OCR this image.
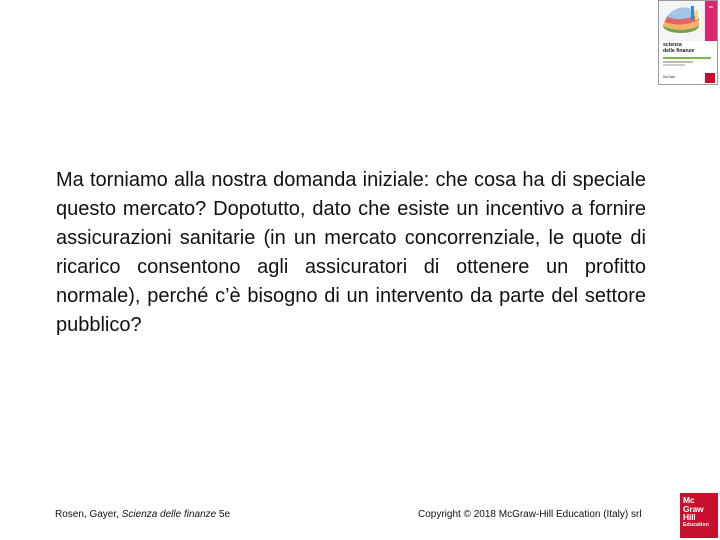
5/E
scienza
delle finanze
McGraw
Ma torniamo alla nostra domanda iniziale: che cosa ha di speciale questo mercato? Dopotutto, dato che esiste un incentivo a fornire assicurazioni sanitarie (in un mercato concorrenziale, le quote di ricarico consentono agli assicuratori di ottenere un profitto normale), perché c’è bisogno di un intervento da parte del settore pubblico?
Rosen, Gayer, Scienza delle finanze 5e	Copyright © 2018 McGraw-Hill Education (Italy) srl
Mc
Graw
Hill
Education
